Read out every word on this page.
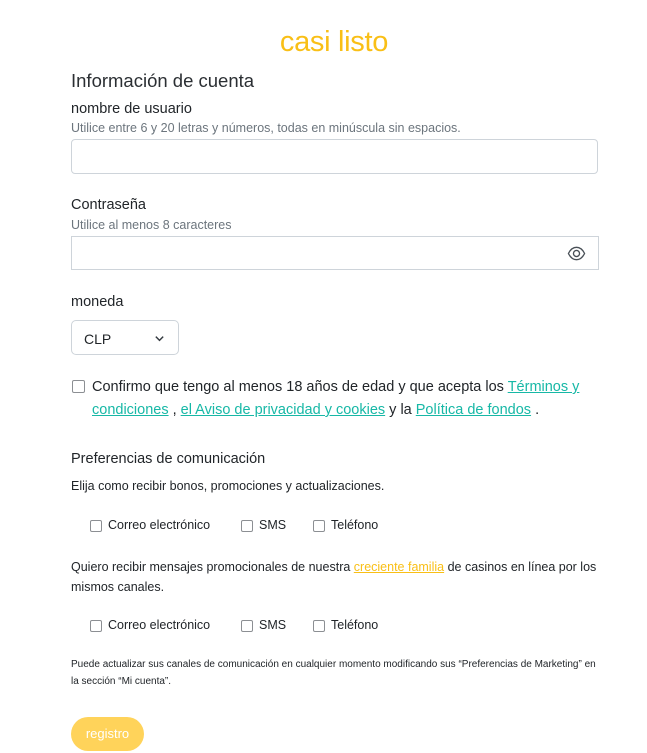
casi listo
Información de cuenta
nombre de usuario
Utilice entre 6 y 20 letras y números, todas en minúscula sin espacios.
Contraseña
Utilice al menos 8 caracteres
moneda
CLP
Confirmo que tengo al menos 18 años de edad y que acepta los Términos y condiciones , el Aviso de privacidad y cookies y la Política de fondos .
Preferencias de comunicación
Elija como recibir bonos, promociones y actualizaciones.
Correo electrónico	SMS	Teléfono
Quiero recibir mensajes promocionales de nuestra creciente familia de casinos en línea por los mismos canales.
Correo electrónico	SMS	Teléfono
Puede actualizar sus canales de comunicación en cualquier momento modificando sus “Preferencias de Marketing” en la sección “Mi cuenta”.
registro
